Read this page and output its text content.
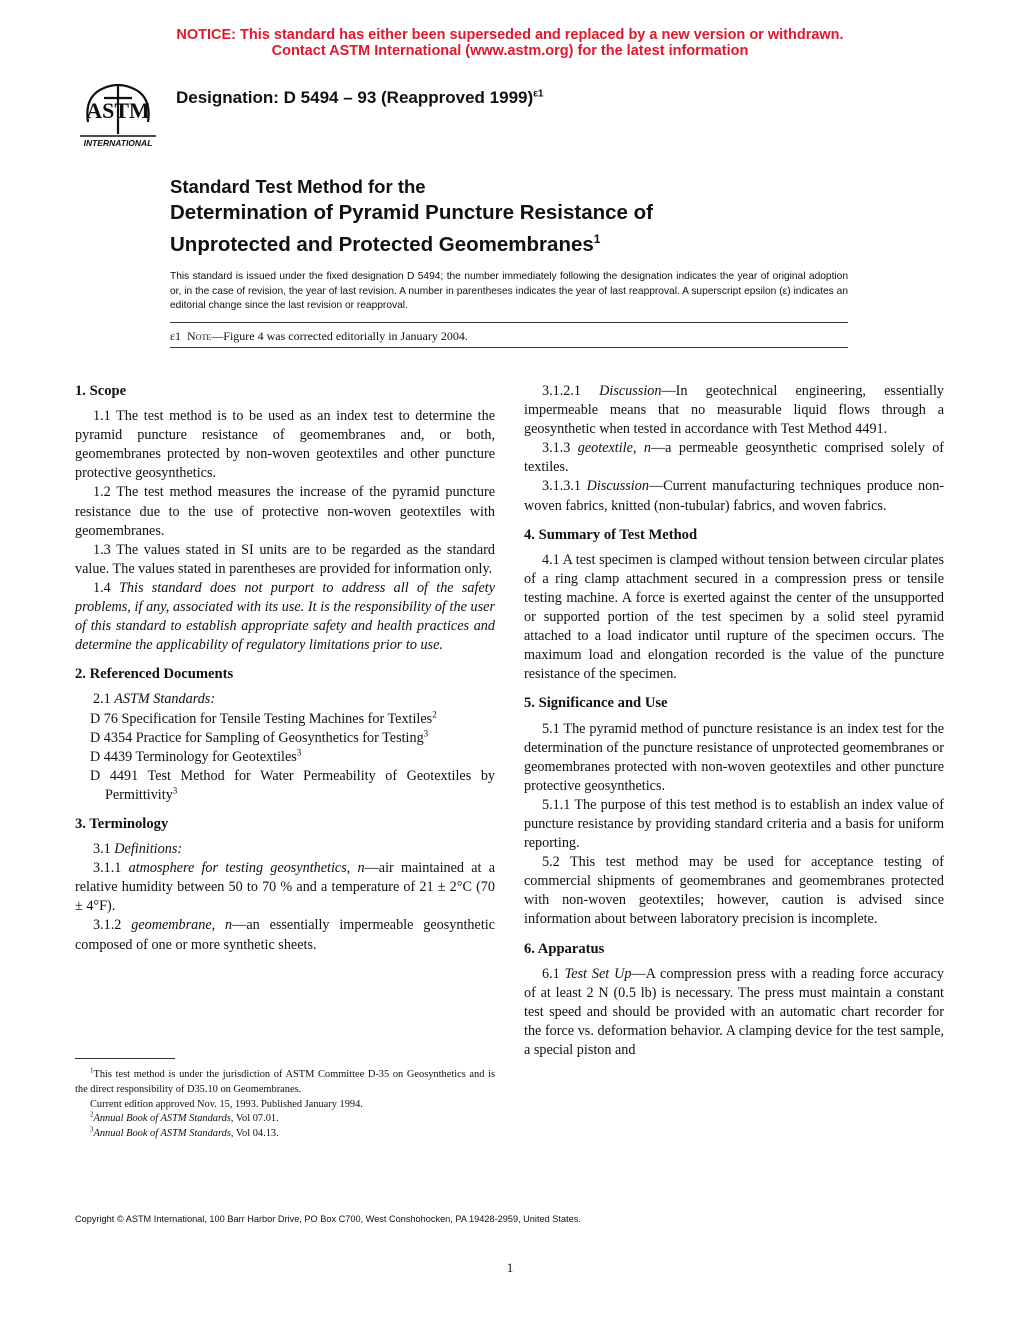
NOTICE: This standard has either been superseded and replaced by a new version or withdrawn.
Contact ASTM International (www.astm.org) for the latest information
ASTM
INTERNATIONAL
Designation: D 5494 – 93 (Reapproved 1999)$^{\varepsilon 1}$
Standard Test Method for the
Determination of Pyramid Puncture Resistance of
Unprotected and Protected Geomembranes$^1$
This standard is issued under the fixed designation D 5494; the number immediately following the designation indicates the year of original adoption or, in the case of revision, the year of last revision. A number in parentheses indicates the year of last reapproval. A superscript epsilon (ε) indicates an editorial change since the last revision or reapproval.
ε1 Note—Figure 4 was corrected editorially in January 2004.
1. Scope

1.1 The test method is to be used as an index test to determine the pyramid puncture resistance of geomembranes and, or both, geomembranes protected by non-woven geotextiles and other puncture protective geosynthetics.

1.2 The test method measures the increase of the pyramid puncture resistance due to the use of protective non-woven geotextiles with geomembranes.

1.3 The values stated in SI units are to be regarded as the standard value. The values stated in parentheses are provided for information only.

1.4 This standard does not purport to address all of the safety problems, if any, associated with its use. It is the responsibility of the user of this standard to establish appropriate safety and health practices and determine the applicability of regulatory limitations prior to use.

2. Referenced Documents

2.1 ASTM Standards:

D 76 Specification for Tensile Testing Machines for Textiles$^2$
D 4354 Practice for Sampling of Geosynthetics for Testing$^3$
D 4439 Terminology for Geotextiles$^3$
D 4491 Test Method for Water Permeability of Geotextiles by Permittivity$^3$
3. Terminology

3.1 Definitions:

3.1.1 atmosphere for testing geosynthetics, n—air maintained at a relative humidity between 50 to 70 % and a temperature of 21 ± 2°C (70 ± 4°F).

3.1.2 geomembrane, n—an essentially impermeable geosynthetic composed of one or more synthetic sheets.

3.1.2.1 Discussion—In geotechnical engineering, essentially impermeable means that no measurable liquid flows through a geosynthetic when tested in accordance with Test Method 4491.

3.1.3 geotextile, n—a permeable geosynthetic comprised solely of textiles.

3.1.3.1 Discussion—Current manufacturing techniques produce non-woven fabrics, knitted (non-tubular) fabrics, and woven fabrics.

4. Summary of Test Method

4.1 A test specimen is clamped without tension between circular plates of a ring clamp attachment secured in a compression press or tensile testing machine. A force is exerted against the center of the unsupported or supported portion of the test specimen by a solid steel pyramid attached to a load indicator until rupture of the specimen occurs. The maximum load and elongation recorded is the value of the puncture resistance of the specimen.

5. Significance and Use

5.1 The pyramid method of puncture resistance is an index test for the determination of the puncture resistance of unprotected geomembranes or geomembranes protected with non-woven geotextiles and other puncture protective geosynthetics.

5.1.1 The purpose of this test method is to establish an index value of puncture resistance by providing standard criteria and a basis for uniform reporting.

5.2 This test method may be used for acceptance testing of commercial shipments of geomembranes and geomembranes protected with non-woven geotextiles; however, caution is advised since information about between laboratory precision is incomplete.

6. Apparatus

6.1 Test Set Up—A compression press with a reading force accuracy of at least 2 N (0.5 lb) is necessary. The press must maintain a constant test speed and should be provided with an automatic chart recorder for the force vs. deformation behavior. A clamping device for the test sample, a special piston and

$^1$This test method is under the jurisdiction of ASTM Committee D-35 on Geosynthetics and is the direct responsibility of D35.10 on Geomembranes.

Current edition approved Nov. 15, 1993. Published January 1994.

$^2$Annual Book of ASTM Standards, Vol 07.01.

$^3$Annual Book of ASTM Standards, Vol 04.13.

Copyright © ASTM International, 100 Barr Harbor Drive, PO Box C700, West Conshohocken, PA 19428-2959, United States.
1
